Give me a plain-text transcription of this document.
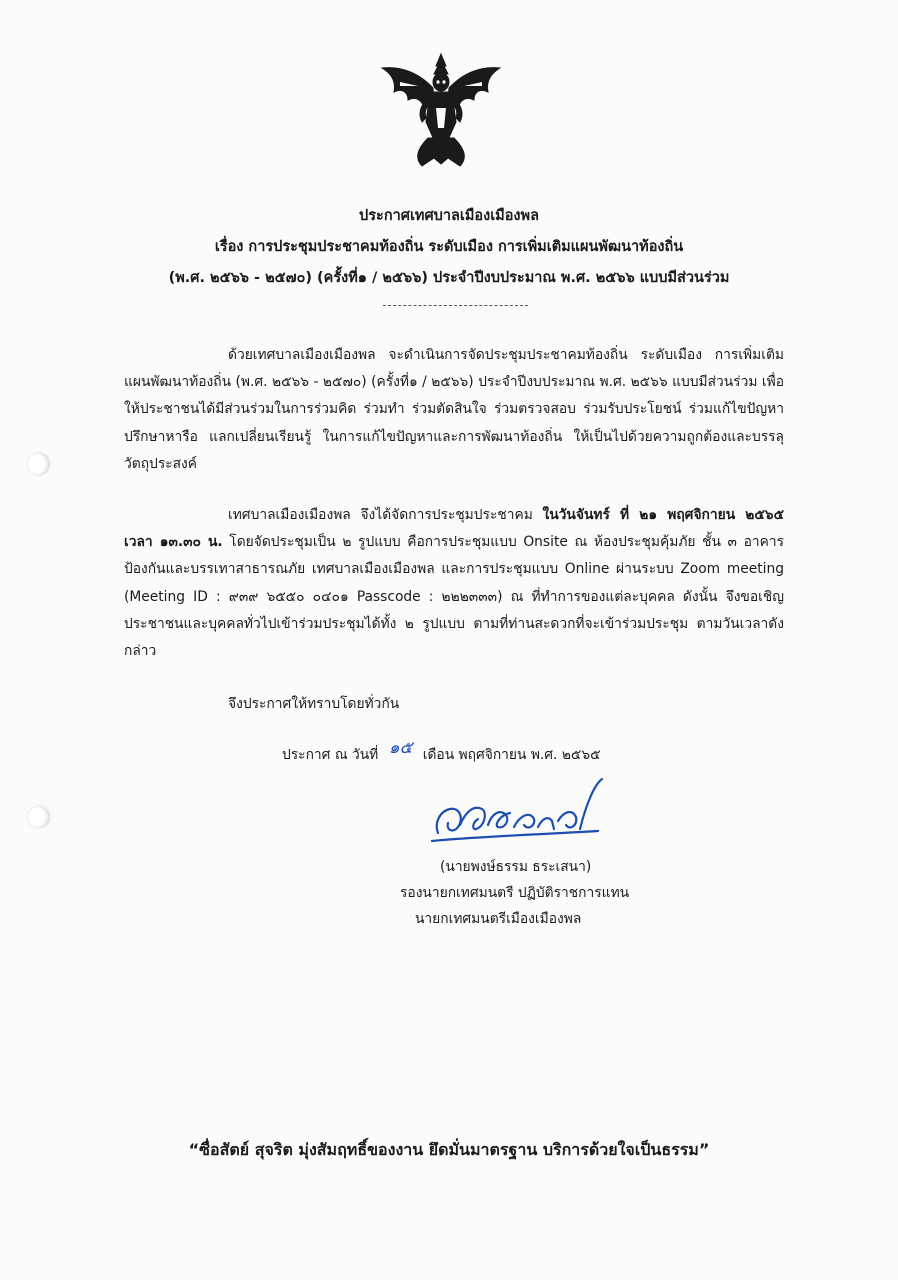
ประกาศเทศบาลเมืองเมืองพล
เรื่อง การประชุมประชาคมท้องถิ่น ระดับเมือง การเพิ่มเติมแผนพัฒนาท้องถิ่น
(พ.ศ. ๒๕๖๖ - ๒๕๗๐) (ครั้งที่๑ / ๒๕๖๖) ประจำปีงบประมาณ พ.ศ. ๒๕๖๖ แบบมีส่วนร่วม
ด้วยเทศบาลเมืองเมืองพล จะดำเนินการจัดประชุมประชาคมท้องถิ่น ระดับเมือง การเพิ่มเติมแผนพัฒนาท้องถิ่น (พ.ศ. ๒๕๖๖ - ๒๕๗๐) (ครั้งที่๑ / ๒๕๖๖) ประจำปีงบประมาณ พ.ศ. ๒๕๖๖ แบบมีส่วนร่วม เพื่อให้ประชาชนได้มีส่วนร่วมในการร่วมคิด ร่วมทำ ร่วมตัดสินใจ ร่วมตรวจสอบ ร่วมรับประโยชน์ ร่วมแก้ไขปัญหา ปรึกษาหารือ แลกเปลี่ยนเรียนรู้ ในการแก้ไขปัญหาและการพัฒนาท้องถิ่น ให้เป็นไปด้วยความถูกต้องและบรรลุวัตถุประสงค์
เทศบาลเมืองเมืองพล จึงได้จัดการประชุมประชาคม ในวันจันทร์ ที่ ๒๑ พฤศจิกายน ๒๕๖๕ เวลา ๑๓.๓๐ น. โดยจัดประชุมเป็น ๒ รูปแบบ คือการประชุมแบบ Onsite ณ ห้องประชุมคุ้มภัย ชั้น ๓ อาคารป้องกันและบรรเทาสาธารณภัย เทศบาลเมืองเมืองพล และการประชุมแบบ Online ผ่านระบบ Zoom meeting (Meeting ID : ๙๓๙ ๖๕๕๐ ๐๔๐๑ Passcode : ๒๒๒๓๓๓) ณ ที่ทำการของแต่ละบุคคล ดังนั้น จึงขอเชิญประชาชนและบุคคลทั่วไปเข้าร่วมประชุมได้ทั้ง ๒ รูปแบบ ตามที่ท่านสะดวกที่จะเข้าร่วมประชุม ตามวันเวลาดังกล่าว
จึงประกาศให้ทราบโดยทั่วกัน
ประกาศ ณ วันที่ ๑๕ เดือน พฤศจิกายน พ.ศ. ๒๕๖๕
(นายพงษ์ธรรม ธระเสนา)
รองนายกเทศมนตรี ปฏิบัติราชการแทน
นายกเทศมนตรีเมืองเมืองพล
“ซื่อสัตย์ สุจริต มุ่งสัมฤทธิ์ของงาน ยึดมั่นมาตรฐาน บริการด้วยใจเป็นธรรม”
